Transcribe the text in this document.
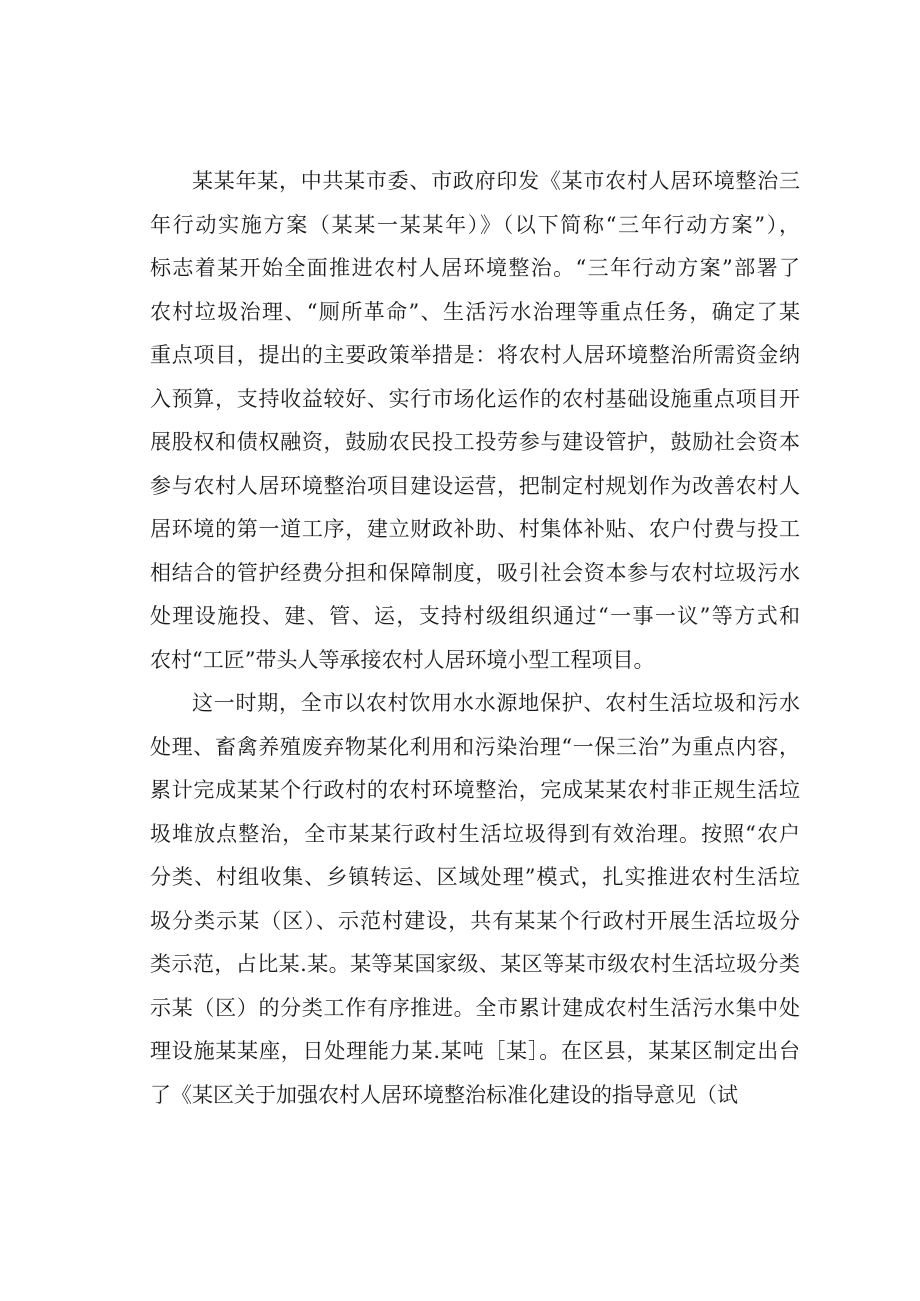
某某年某，中共某市委、市政府印发《某市农村人居环境整治三
年行动实施方案（某某一某某年）》（以下简称“三年行动方案”），
标志着某开始全面推进农村人居环境整治。“三年行动方案”部署了
农村垃圾治理、“厕所革命”、生活污水治理等重点任务，确定了某
重点项目，提出的主要政策举措是：将农村人居环境整治所需资金纳
入预算，支持收益较好、实行市场化运作的农村基础设施重点项目开
展股权和债权融资，鼓励农民投工投劳参与建设管护，鼓励社会资本
参与农村人居环境整治项目建设运营，把制定村规划作为改善农村人
居环境的第一道工序，建立财政补助、村集体补贴、农户付费与投工
相结合的管护经费分担和保障制度，吸引社会资本参与农村垃圾污水
处理设施投、建、管、运，支持村级组织通过“一事一议”等方式和
农村“工匠”带头人等承接农村人居环境小型工程项目。
这一时期，全市以农村饮用水水源地保护、农村生活垃圾和污水
处理、畜禽养殖废弃物某化利用和污染治理“一保三治”为重点内容，
累计完成某某个行政村的农村环境整治，完成某某农村非正规生活垃
圾堆放点整治，全市某某行政村生活垃圾得到有效治理。按照“农户
分类、村组收集、乡镇转运、区域处理”模式，扎实推进农村生活垃
圾分类示某（区）、示范村建设，共有某某个行政村开展生活垃圾分
类示范，占比某.某。某等某国家级、某区等某市级农村生活垃圾分类
示某（区）的分类工作有序推进。全市累计建成农村生活污水集中处
理设施某某座，日处理能力某.某吨［某］。在区县，某某区制定出台
了《某区关于加强农村人居环境整治标准化建设的指导意见（试
